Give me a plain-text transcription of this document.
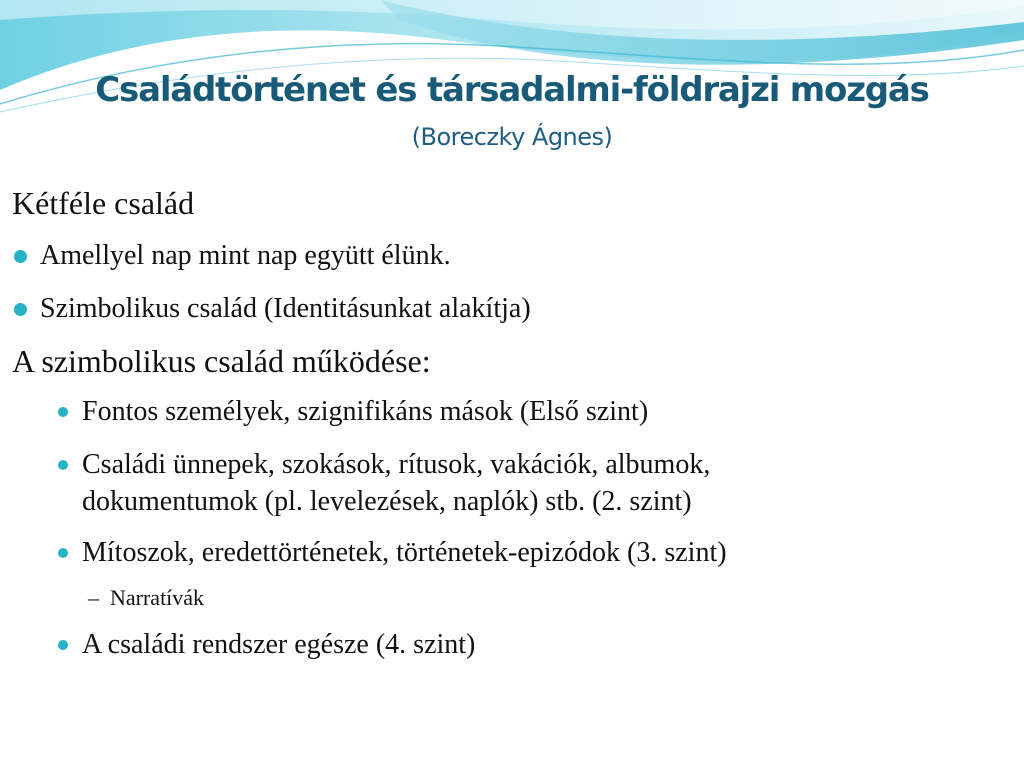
Családtörténet és társadalmi-földrajzi mozgás
(Boreczky Ágnes)
Kétféle család
Amellyel nap mint nap együtt élünk.
Szimbolikus család (Identitásunkat alakítja)
A szimbolikus család működése:
Fontos személyek, szignifikáns mások (Első szint)
Családi ünnepek, szokások, rítusok, vakációk, albumok,
dokumentumok (pl. levelezések, naplók) stb. (2. szint)
Mítoszok, eredettörténetek, történetek-epizódok (3. szint)
– Narratívák
A családi rendszer egésze (4. szint)
